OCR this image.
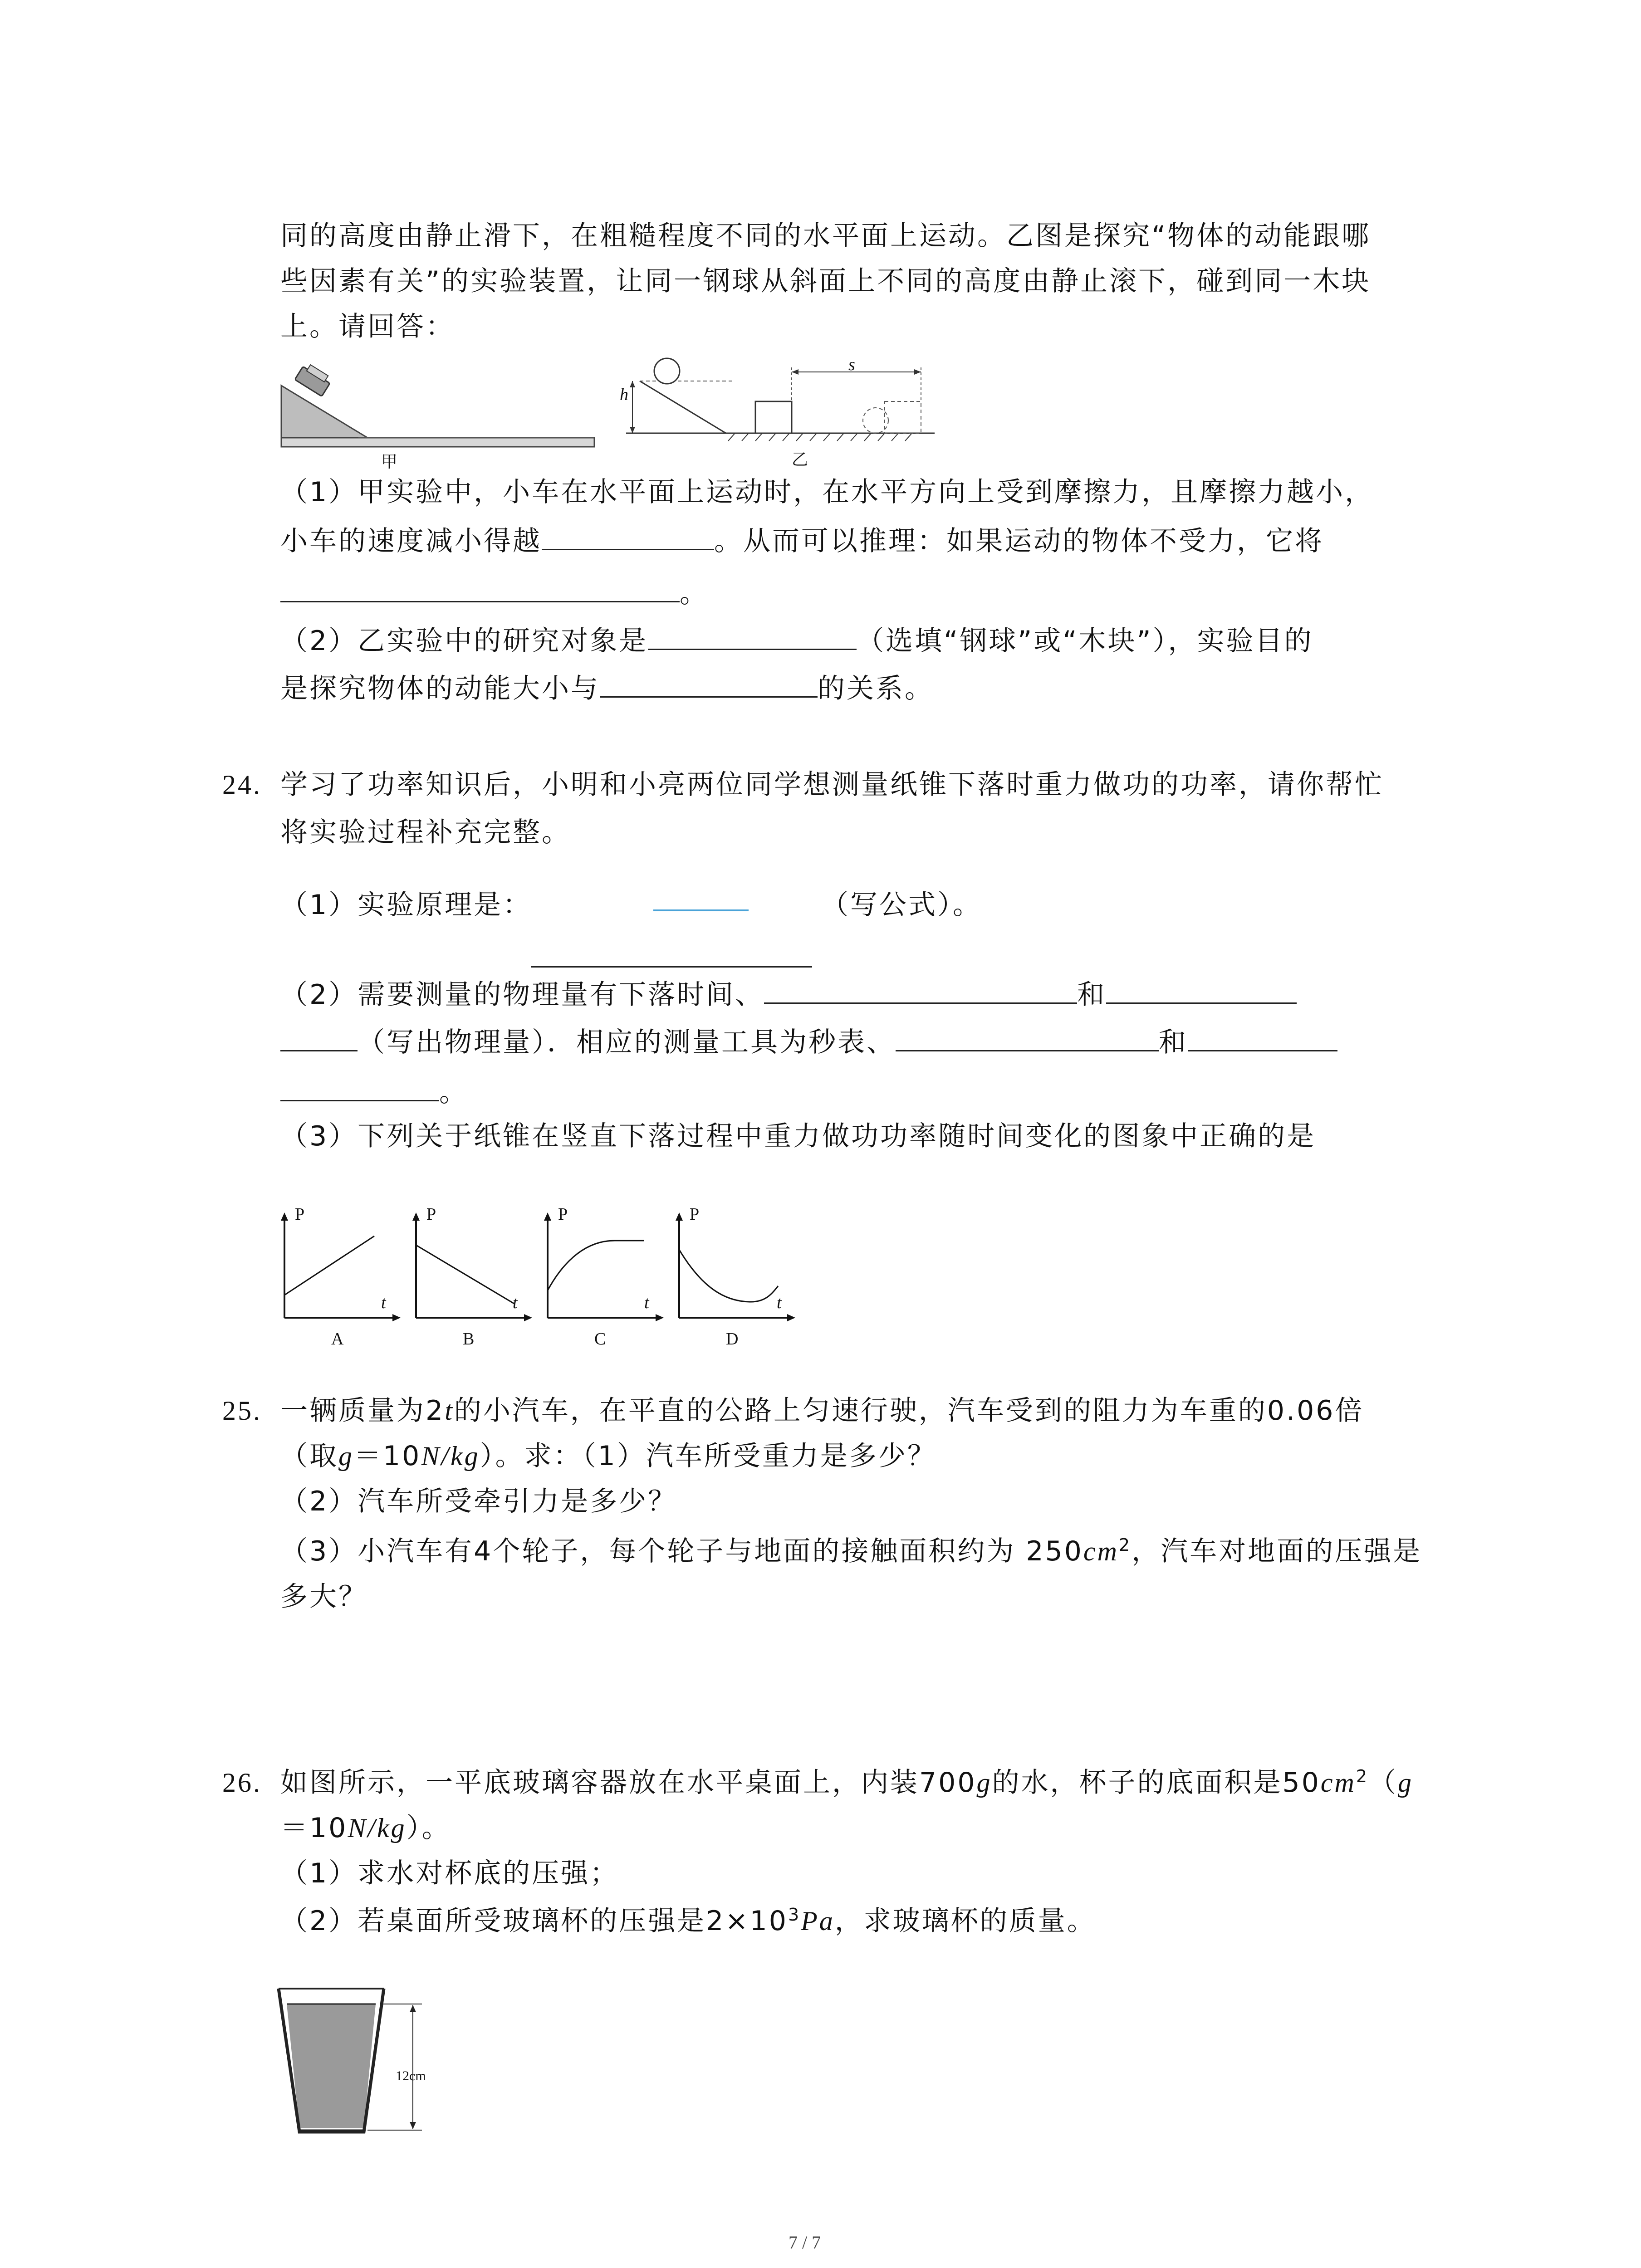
同的高度由静止滑下，在粗糙程度不同的水平面上运动。乙图是探究“物体的动能跟哪
些因素有关”的实验装置，让同一钢球从斜面上不同的高度由静止滚下，碰到同一木块
上。请回答：
甲
h
s
乙
（1）甲实验中，小车在水平面上运动时，在水平方向上受到摩擦力，且摩擦力越小，
小车的速度减小得越	。从而可以推理：如果运动的物体不受力，它将
。
（2）乙实验中的研究对象是	（选填“钢球”或“木块”），实验目的
是探究物体的动能大小与	的关系。
24. 学习了功率知识后，小明和小亮两位同学想测量纸锥下落时重力做功的功率，请你帮忙
将实验过程补充完整。
（1）实验原理是：	（写公式）。
（2）需要测量的物理量有下落时间、	和
（写出物理量）．相应的测量工具为秒表、	和
。
（3）下列关于纸锥在竖直下落过程中重力做功功率随时间变化的图象中正确的是
P
t
A
P
t
B
P
t
C
P
t
D
25. 一辆质量为2t的小汽车，在平直的公路上匀速行驶，汽车受到的阻力为车重的0.06倍
（取g＝10N/kg）。求：（1）汽车所受重力是多少？
（2）汽车所受牵引力是多少？
（3）小汽车有4个轮子，每个轮子与地面的接触面积约为 $250cm^2$，汽车对地面的压强是
多大？
26. 如图所示，一平底玻璃容器放在水平桌面上，内装700g的水，杯子的底面积是$50cm^2(g$
＝10N/kg）。
（1）求水对杯底的压强；
（2）若桌面所受玻璃杯的压强是$2\times 10^3Pa$，求玻璃杯的质量。
12cm
7 / 7
